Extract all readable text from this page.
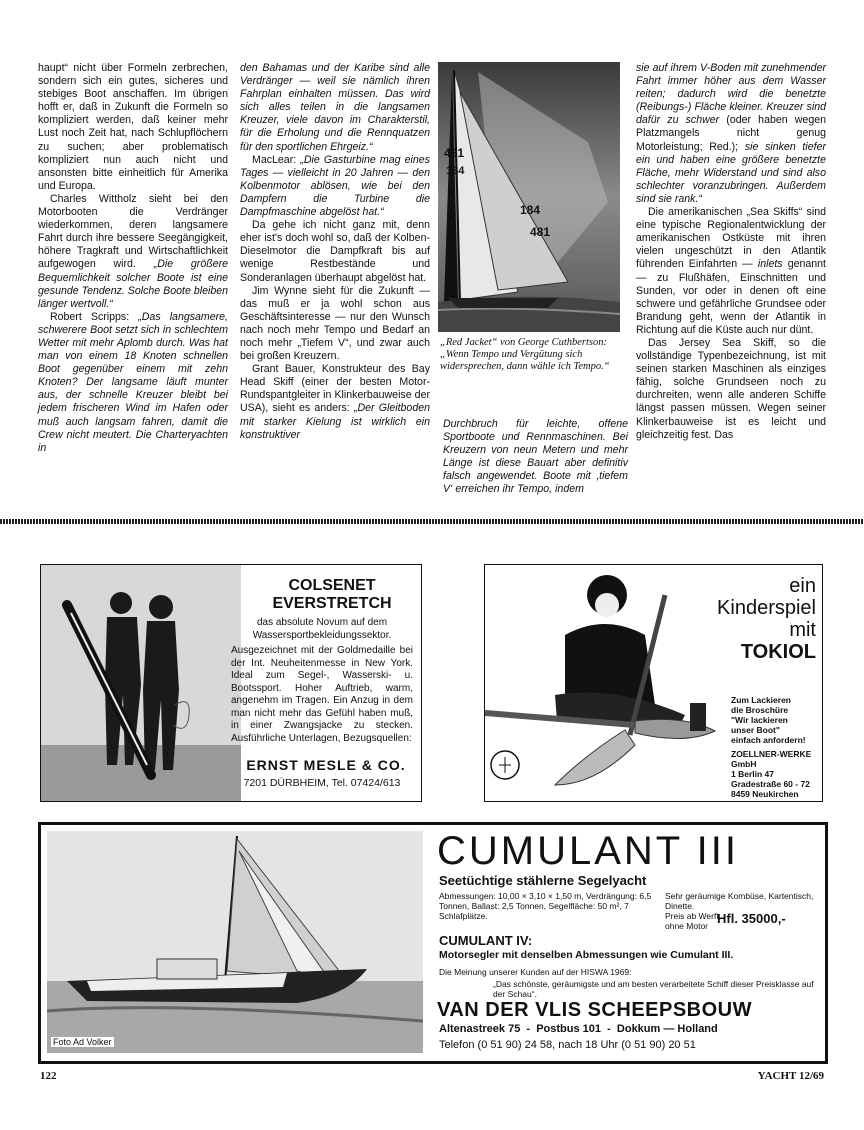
haupt“ nicht über Formeln zerbrechen, sondern sich ein gutes, sicheres und stebiges Boot anschaffen. Im übrigen hofft er, daß in Zukunft die Formeln so kompliziert werden, daß keiner mehr Lust noch Zeit hat, nach Schlupflöchern zu suchen; aber problematisch kompliziert nun auch nicht und ansonsten bitte einheitlich für Amerika und Europa.

Charles Wittholz sieht bei den Motorbooten die Verdränger wiederkommen, deren langsamere Fahrt durch ihre bessere Seegängigkeit, höhere Tragkraft und Wirtschaftlichkeit aufgewogen wird. „Die größere Bequemlichkeit solcher Boote ist eine gesunde Tendenz. Solche Boote bleiben länger wertvoll.“

Robert Scripps: „Das langsamere, schwerere Boot setzt sich in schlechtem Wetter mit mehr Aplomb durch. Was hat man von einem 18 Knoten schnellen Boot gegenüber einem mit zehn Knoten? Der langsame läuft munter aus, der schnelle Kreuzer bleibt bei jedem frischeren Wind im Hafen oder muß auch langsam fahren, damit die Crew nicht meutert. Die Charteryachten in

den Bahamas und der Karibe sind alle Verdränger — weil sie nämlich ihren Fahrplan einhalten müssen. Das wird sich alles teilen in die langsamen Kreuzer, viele davon im Charakterstil, für die Erholung und die Rennquatzen für den sportlichen Ehrgeiz.“

MacLear: „Die Gasturbine mag eines Tages — vielleicht in 20 Jahren — den Kolbenmotor ablösen, wie bei den Dampfern die Turbine die Dampfmaschine abgelöst hat.“

Da gehe ich nicht ganz mit, denn eher ist's doch wohl so, daß der Kolben-Dieselmotor die Dampfkraft bis auf wenige Restbestände und Sonderanlagen überhaupt abgelöst hat.

Jim Wynne sieht für die Zukunft — das muß er ja wohl schon aus Geschäftsinteresse — nur den Wunsch nach noch mehr Tempo und Bedarf an noch mehr „Tiefem V“, und zwar auch bei großen Kreuzern.

Grant Bauer, Konstrukteur des Bay Head Skiff (einer der besten Motor-Rundspantgleiter in Klinkerbauweise der USA), sieht es anders: „Der Gleitboden mit starker Kielung ist wirklich ein konstruktiver

481
184
184
481
„Red Jacket“ von George Cuthbertson: „Wenn Tempo und Vergütung sich widersprechen, dann wähle ich Tempo.“

Durchbruch für leichte, offene Sportboote und Rennmaschinen. Bei Kreuzern von neun Metern und mehr Länge ist diese Bauart aber definitiv falsch angewendet. Boote mit ‚tiefem V‘ erreichen ihr Tempo, indem

sie auf ihrem V-Boden mit zunehmender Fahrt immer höher aus dem Wasser reiten; dadurch wird die benetzte (Reibungs-) Fläche kleiner. Kreuzer sind dafür zu schwer (oder haben wegen Platzmangels nicht genug Motorleistung; Red.); sie sinken tiefer ein und haben eine größere benetzte Fläche, mehr Widerstand und sind also schlechter voranzubringen. Außerdem sind sie rank.“

Die amerikanischen „Sea Skiffs“ sind eine typische Regionalentwicklung der amerikanischen Ostküste mit ihren vielen ungeschützt in den Atlantik führenden Einfahrten — inlets genannt — zu Flußhäfen, Einschnitten und Sunden, vor oder in denen oft eine schwere und gefährliche Grundsee oder Brandung geht, wenn der Atlantik in Richtung auf die Küste auch nur dünt.

Das Jersey Sea Skiff, so die vollständige Typenbezeichnung, ist mit seinen starken Maschinen als einziges fähig, solche Grundseen noch zu durchreiten, wenn alle anderen Schiffe längst passen müssen. Wegen seiner Klinkerbauweise ist es leicht und gleichzeitig fest. Das

COLSENET
EVERSTRETCH
das absolute Novum auf dem Wassersportbekleidungssektor.
Ausgezeichnet mit der Goldmedaille bei der Int. Neuheitenmesse in New York. Ideal zum Segel-, Wasserski- u. Bootssport. Hoher Auftrieb, warm, angenehm im Tragen. Ein Anzug in dem man nicht mehr das Gefühl haben muß, in einer Zwangsjacke zu stecken. Ausführliche Unterlagen, Bezugsquellen:
ERNST MESLE & CO.
7201 DÜRBHEIM, Tel. 07424/613
ein
Kinderspiel
mit
TOKIOL
Zum Lackieren
die Broschüre
"Wir lackieren
unser Boot"
einfach anfordern!
ZOELLNER-WERKE
GmbH
1 Berlin 47
Gradestraße 60 - 72
8459 Neukirchen
Foto Ad Volker
CUMULANT III
Seetüchtige stählerne Segelyacht
Abmessungen: 10,00 × 3,10 × 1,50 m, Verdrängung: 6,5 Tonnen, Ballast: 2,5 Tonnen, Segelfläche: 50 m², 7 Schlafplätze.
Sehr geräumige Kombüse, Kartentisch, Dinette.
Preis ab Werft, ohne Motor Hfl. 35000,-
CUMULANT IV:
Motorsegler mit denselben Abmessungen wie Cumulant III.
Die Meinung unserer Kunden auf der HISWA 1969:
„Das schönste, geräumigste und am besten verarbeitete Schiff dieser Preisklasse auf der Schau“.
VAN DER VLIS SCHEEPSBOUW
Altenastreek 75  -  Postbus 101  -  Dokkum — Holland
Telefon (0 51 90) 24 58, nach 18 Uhr (0 51 90) 20 51
122	YACHT 12/69
